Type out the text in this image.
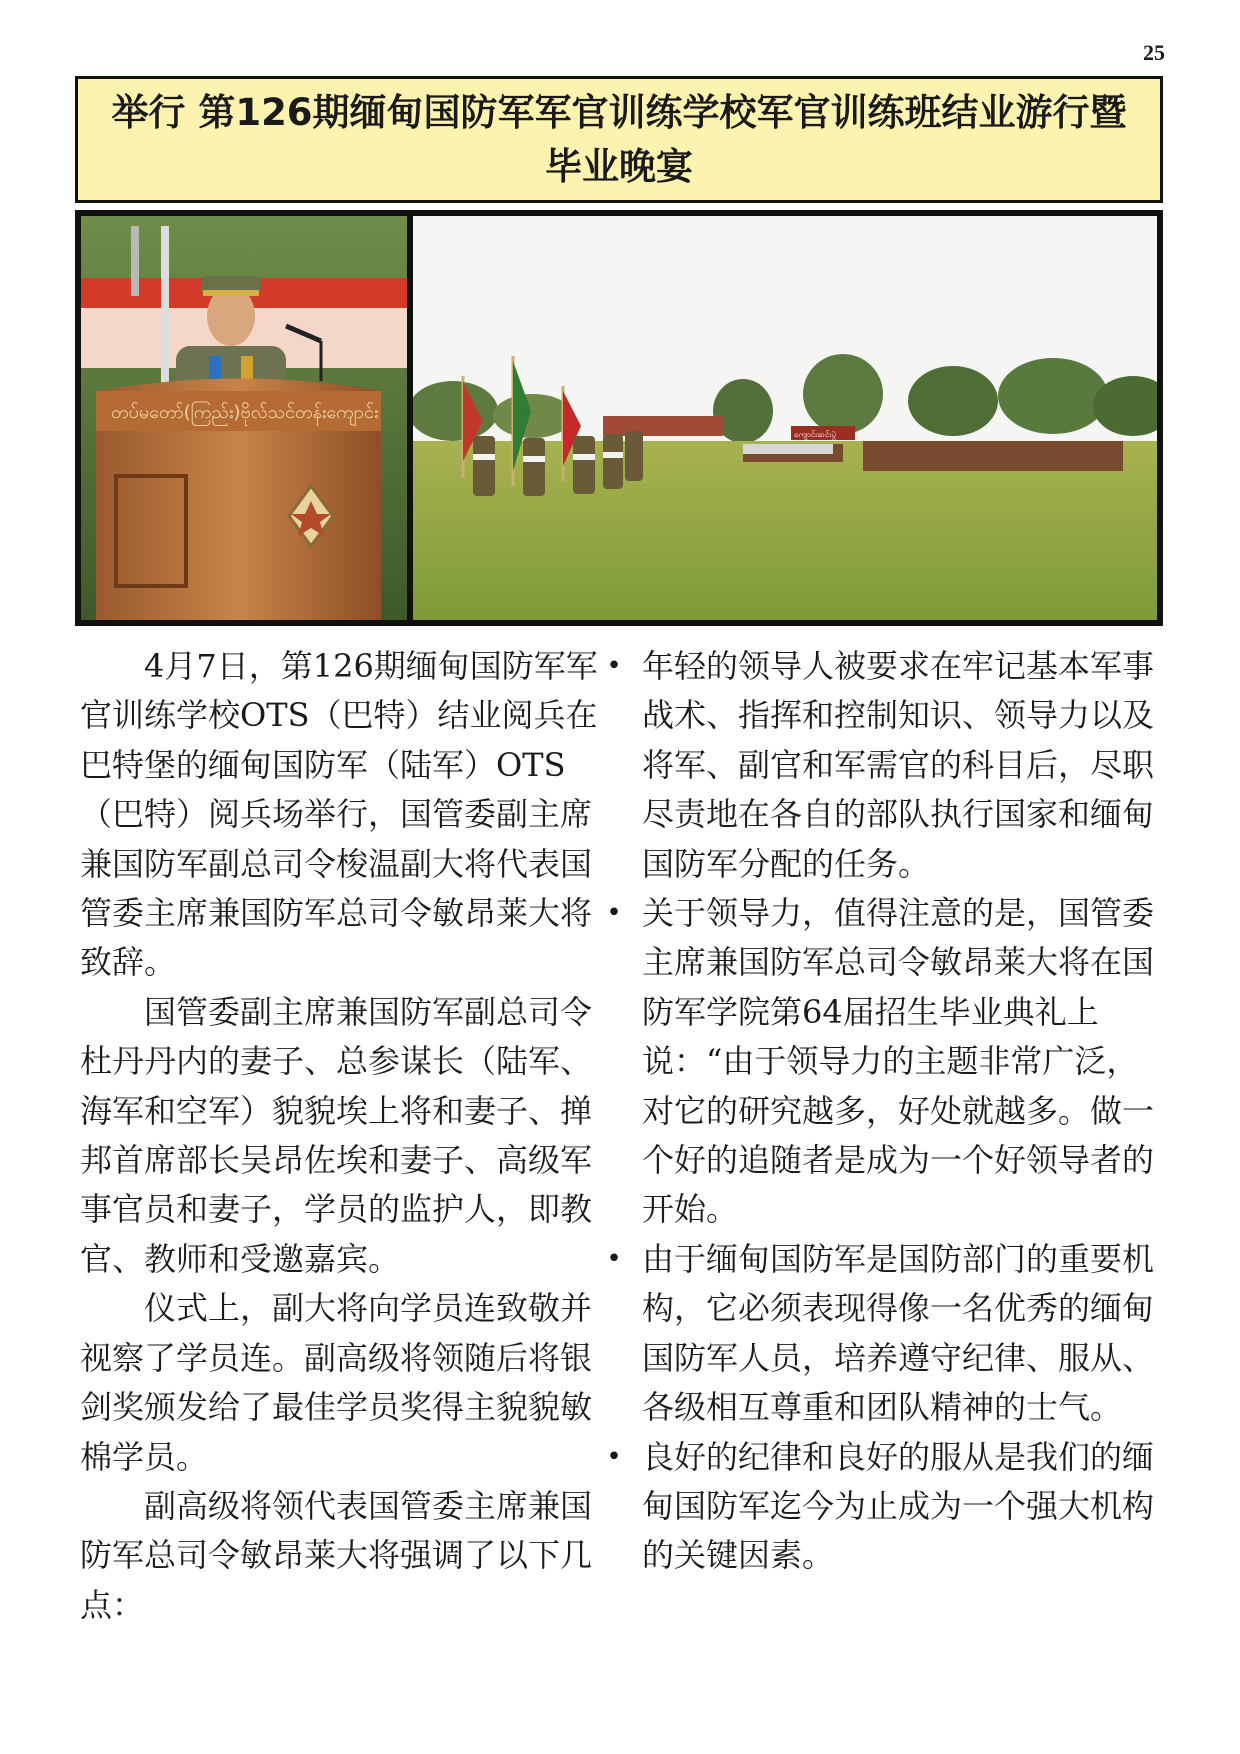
25
举行 第126期缅甸国防军军官训练学校军官训练班结业游行暨
毕业晚宴
တပ်မတော်(ကြည်း)ဗိုလ်သင်တန်းကျောင်း
ကျောင်းဆင်းပွဲ

4月7日，第126期缅甸国防军军官训练学校OTS（巴特）结业阅兵在巴特堡的缅甸国防军（陆军）OTS（巴特）阅兵场举行，国管委副主席兼国防军副总司令梭温副大将代表国管委主席兼国防军总司令敏昂莱大将致辞。

国管委副主席兼国防军副总司令杜丹丹内的妻子、总参谋长（陆军、海军和空军）貌貌埃上将和妻子、掸邦首席部长吴昂佐埃和妻子、高级军事官员和妻子，学员的监护人，即教官、教师和受邀嘉宾。

仪式上，副大将向学员连致敬并视察了学员连。副高级将领随后将银剑奖颁发给了最佳学员奖得主貌貌敏棉学员。

副高级将领代表国管委主席兼国防军总司令敏昂莱大将强调了以下几点：

• 年轻的领导人被要求在牢记基本军事战术、指挥和控制知识、领导力以及将军、副官和军需官的科目后，尽职尽责地在各自的部队执行国家和缅甸国防军分配的任务。
• 关于领导力，值得注意的是，国管委主席兼国防军总司令敏昂莱大将在国防军学院第64届招生毕业典礼上说：“由于领导力的主题非常广泛，对它的研究越多，好处就越多。做一个好的追随者是成为一个好领导者的开始。
• 由于缅甸国防军是国防部门的重要机构，它必须表现得像一名优秀的缅甸国防军人员，培养遵守纪律、服从、各级相互尊重和团队精神的士气。
• 良好的纪律和良好的服从是我们的缅甸国防军迄今为止成为一个强大机构的关键因素。
